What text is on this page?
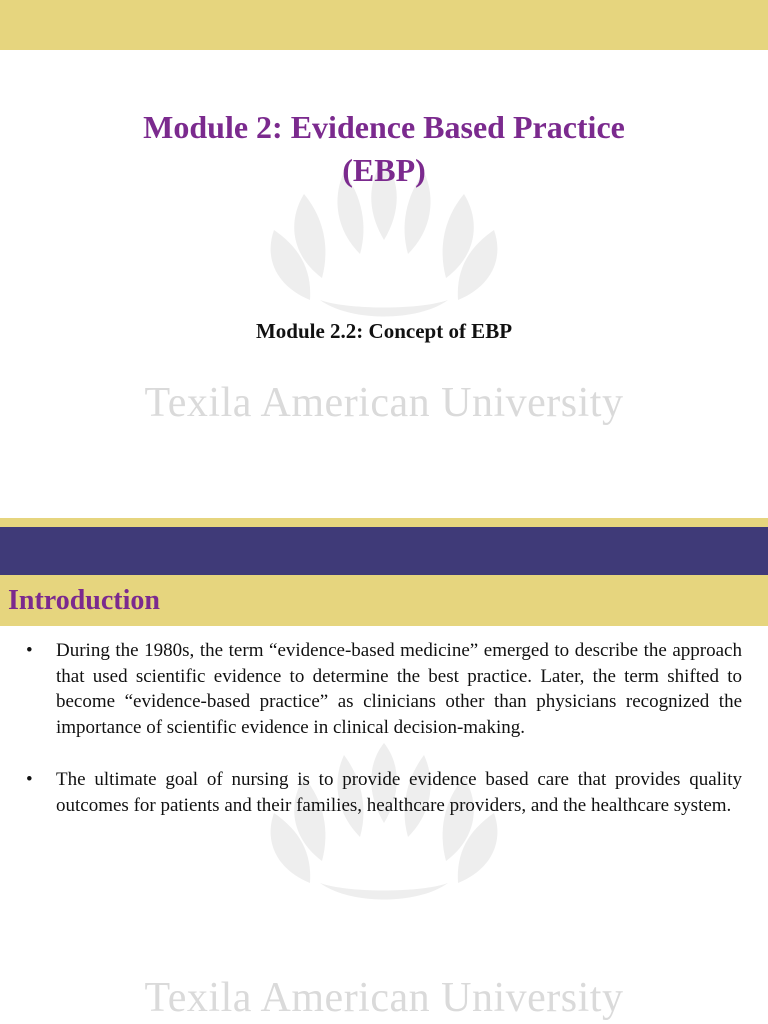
Module 2: Evidence Based Practice
(EBP)
Module 2.2: Concept of EBP
Texila American University
Introduction
• During the 1980s, the term “evidence-based medicine” emerged to describe the approach that used scientific evidence to determine the best practice. Later, the term shifted to become “evidence-based practice” as clinicians other than physicians recognized the importance of scientific evidence in clinical decision-making.
• The ultimate goal of nursing is to provide evidence based care that provides quality outcomes for patients and their families, healthcare providers, and the healthcare system.
Texila American University
